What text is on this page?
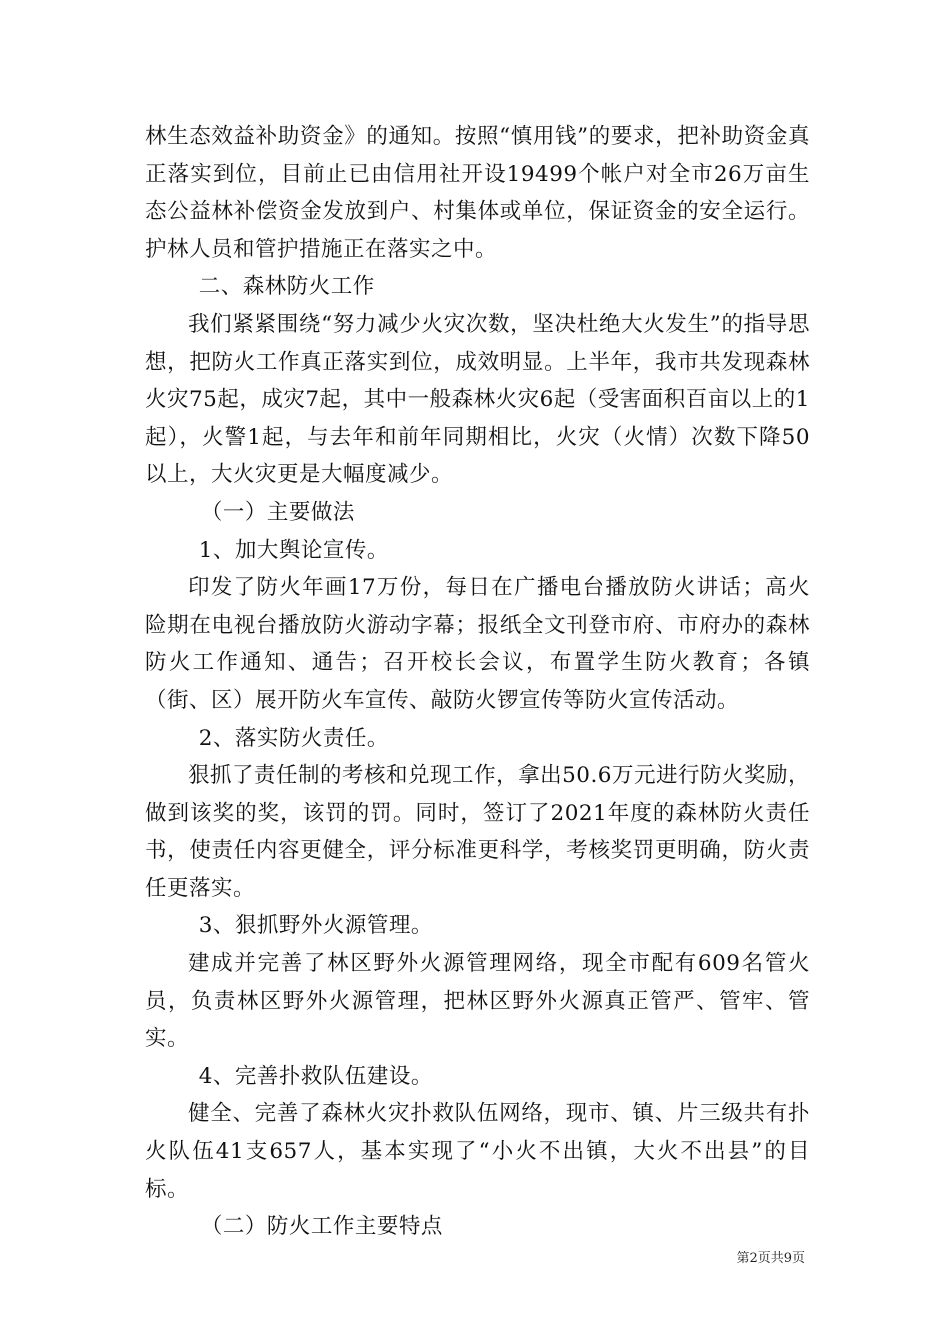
林生态效益补助资金》的通知。按照“慎用钱”的要求，把补助资金真正落实到位，目前止已由信用社开设19499个帐户对全市26万亩生态公益林补偿资金发放到户、村集体或单位，保证资金的安全运行。护林人员和管护措施正在落实之中。

二、森林防火工作

我们紧紧围绕“努力减少火灾次数，坚决杜绝大火发生”的指导思想，把防火工作真正落实到位，成效明显。上半年，我市共发现森林火灾75起，成灾7起，其中一般森林火灾6起（受害面积百亩以上的1起），火警1起，与去年和前年同期相比，火灾（火情）次数下降50以上，大火灾更是大幅度减少。

（一）主要做法

1、加大舆论宣传。

印发了防火年画17万份，每日在广播电台播放防火讲话；高火险期在电视台播放防火游动字幕；报纸全文刊登市府、市府办的森林防火工作通知、通告；召开校长会议，布置学生防火教育；各镇（街、区）展开防火车宣传、敲防火锣宣传等防火宣传活动。

2、落实防火责任。

狠抓了责任制的考核和兑现工作，拿出50.6万元进行防火奖励，做到该奖的奖，该罚的罚。同时，签订了2021年度的森林防火责任书，使责任内容更健全，评分标准更科学，考核奖罚更明确，防火责任更落实。

3、狠抓野外火源管理。

建成并完善了林区野外火源管理网络，现全市配有609名管火员，负责林区野外火源管理，把林区野外火源真正管严、管牢、管实。

4、完善扑救队伍建设。

健全、完善了森林火灾扑救队伍网络，现市、镇、片三级共有扑火队伍41支657人，基本实现了“小火不出镇，大火不出县”的目标。

（二）防火工作主要特点

第2页共9页
